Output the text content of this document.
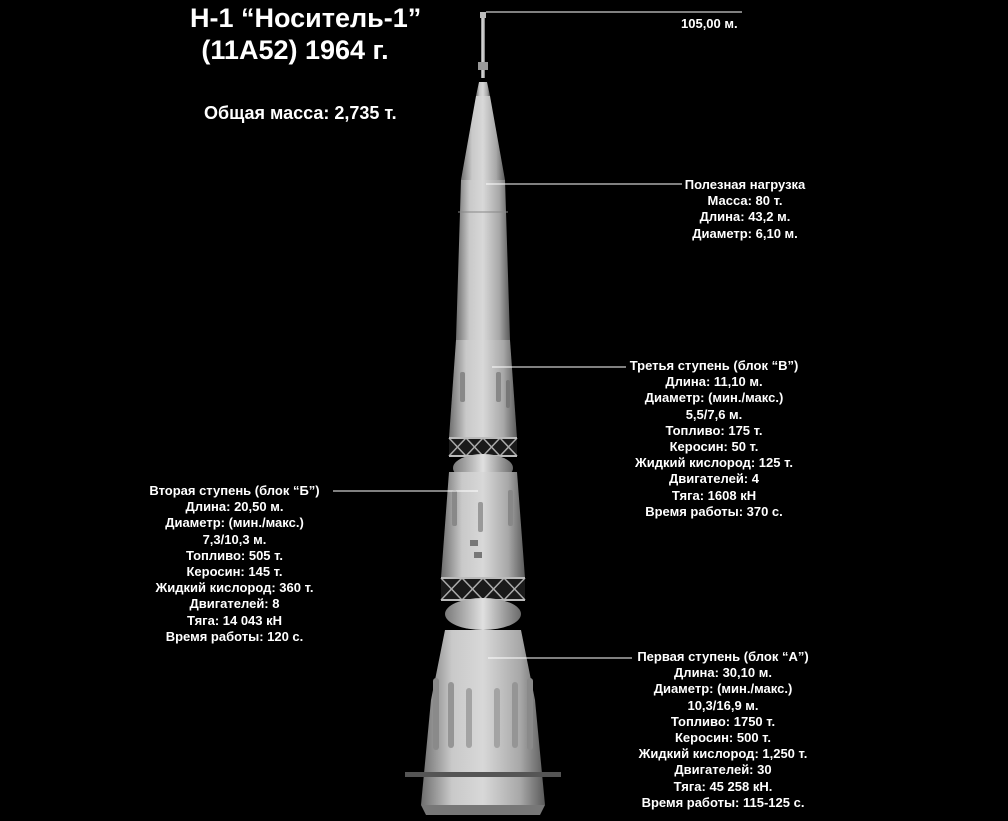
Н-1 “Носитель-1”
(11А52) 1964 г.
Общая масса: 2,735 т.
105,00 м.
Полезная нагрузка
Масса: 80 т.
Длина: 43,2 м.
Диаметр: 6,10 м.
Третья ступень (блок “В”)
Длина: 11,10 м.
Диаметр: (мин./макс.)
5,5/7,6 м.
Топливо: 175 т.
Керосин: 50 т.
Жидкий кислород: 125 т.
Двигателей: 4
Тяга: 1608 кН
Время работы: 370 с.
Вторая ступень (блок “Б”)
Длина: 20,50 м.
Диаметр: (мин./макс.)
7,3/10,3 м.
Топливо: 505 т.
Керосин: 145 т.
Жидкий кислород: 360 т.
Двигателей: 8
Тяга: 14 043 кН
Время работы: 120 с.
Первая ступень (блок “А”)
Длина: 30,10 м.
Диаметр: (мин./макс.)
10,3/16,9 м.
Топливо: 1750 т.
Керосин: 500 т.
Жидкий кислород: 1,250 т.
Двигателей: 30
Тяга: 45 258 кН.
Время работы: 115-125 с.
